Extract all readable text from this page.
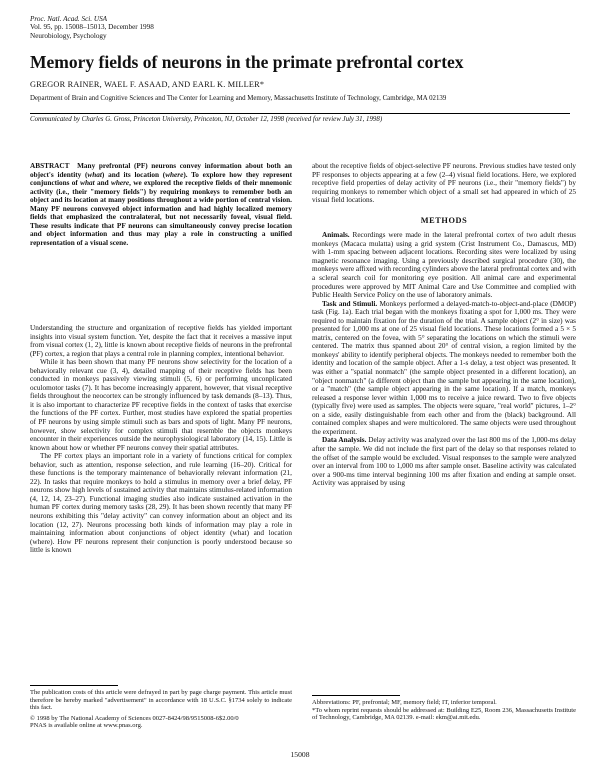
Proc. Natl. Acad. Sci. USA
Vol. 95, pp. 15008–15013, December 1998
Neurobiology, Psychology
Memory fields of neurons in the primate prefrontal cortex
GREGOR RAINER, WAEL F. ASAAD, AND EARL K. MILLER*
Department of Brain and Cognitive Sciences and The Center for Learning and Memory, Massachusetts Institute of Technology, Cambridge, MA 02139
Communicated by Charles G. Gross, Princeton University, Princeton, NJ, October 12, 1998 (received for review July 31, 1998)
ABSTRACT Many prefrontal (PF) neurons convey information about both an object's identity (what) and its location (where). To explore how they represent conjunctions of what and where, we explored the receptive fields of their mnemonic activity (i.e., their "memory fields") by requiring monkeys to remember both an object and its location at many positions throughout a wide portion of central vision. Many PF neurons conveyed object information and had highly localized memory fields that emphasized the contralateral, but not necessarily foveal, visual field. These results indicate that PF neurons can simultaneously convey precise location and object information and thus may play a role in constructing a unified representation of a visual scene.

Understanding the structure and organization of receptive fields has yielded important insights into visual system function. Yet, despite the fact that it receives a massive input from visual cortex (1, 2), little is known about receptive fields of neurons in the prefrontal (PF) cortex, a region that plays a central role in planning complex, intentional behavior.

While it has been shown that many PF neurons show selectivity for the location of a behaviorally relevant cue (3, 4), detailed mapping of their receptive fields has been conducted in monkeys passively viewing stimuli (5, 6) or performing unconplicated oculomotor tasks (7). It has become increasingly apparent, however, that visual receptive fields throughout the neocortex can be strongly influenced by task demands (8–13). Thus, it is also important to characterize PF receptive fields in the context of tasks that exercise the functions of the PF cortex. Further, most studies have explored the spatial properties of PF neurons by using simple stimuli such as bars and spots of light. Many PF neurons, however, show selectivity for complex stimuli that resemble the objects monkeys encounter in their experiences outside the neurophysiological laboratory (14, 15). Little is known about how or whether PF neurons convey their spatial attributes.

The PF cortex plays an important role in a variety of functions critical for complex behavior, such as attention, response selection, and rule learning (16–20). Critical for these functions is the temporary maintenance of behaviorally relevant information (21, 22). In tasks that require monkeys to hold a stimulus in memory over a brief delay, PF neurons show high levels of sustained activity that maintains stimulus-related information (4, 12, 14, 23–27). Functional imaging studies also indicate sustained activation in the human PF cortex during memory tasks (28, 29). It has been shown recently that many PF neurons exhibiting this "delay activity" can convey information about an object and its location (12, 27). Neurons processing both kinds of information may play a role in maintaining information about conjunctions of object identity (what) and location (where). How PF neurons represent their conjunction is poorly understood because so little is known

The publication costs of this article were defrayed in part by page charge payment. This article must therefore be hereby marked "advertisement" in accordance with 18 U.S.C. §1734 solely to indicate this fact.
© 1998 by The National Academy of Sciences 0027-8424/98/9515008-6$2.00/0
PNAS is available online at www.pnas.org.
about the receptive fields of object-selective PF neurons. Previous studies have tested only PF responses to objects appearing at a few (2–4) visual field locations. Here, we explored receptive field properties of delay activity of PF neurons (i.e., their "memory fields") by requiring monkeys to remember which object of a small set had appeared in which of 25 visual field locations.
METHODS

Animals. Recordings were made in the lateral prefrontal cortex of two adult rhesus monkeys (Macaca mulatta) using a grid system (Crist Instrument Co., Damascus, MD) with 1-mm spacing between adjacent locations. Recording sites were localized by using magnetic resonance imaging. Using a previously described surgical procedure (30), the monkeys were affixed with recording cylinders above the lateral prefrontal cortex and with a scleral search coil for monitoring eye position. All animal care and experimental procedures were approved by MIT Animal Care and Use Committee and complied with Public Health Service Policy on the use of laboratory animals.

Task and Stimuli. Monkeys performed a delayed-match-to-object-and-place (DMOP) task (Fig. 1a). Each trial began with the monkeys fixating a spot for 1,000 ms. They were required to maintain fixation for the duration of the trial. A sample object (2° in size) was presented for 1,000 ms at one of 25 visual field locations. These locations formed a 5 × 5 matrix, centered on the fovea, with 5° separating the locations on which the stimuli were centered. The matrix thus spanned about 20° of central vision, a region limited by the monkeys' ability to identify peripheral objects. The monkeys needed to remember both the identity and location of the sample object. After a 1-s delay, a test object was presented. It was either a "spatial nonmatch" (the sample object presented in a different location), an "object nonmatch" (a different object than the sample but appearing in the same location), or a "match" (the sample object appearing in the same location). If a match, monkeys released a response lever within 1,000 ms to receive a juice reward. Two to five objects (typically five) were used as samples. The objects were square, "real world" pictures, 1–2° on a side, easily distinguishable from each other and from the (black) background. All contained complex shapes and were multicolored. The same objects were used throughout the experiment.

Data Analysis. Delay activity was analyzed over the last 800 ms of the 1,000-ms delay after the sample. We did not include the first part of the delay so that responses related to the offset of the sample would be excluded. Visual responses to the sample were analyzed over an interval from 100 to 1,000 ms after sample onset. Baseline activity was calculated over a 900-ms time interval beginning 100 ms after fixation and ending at sample onset. Activity was appraised by using

Abbreviations: PF, prefrontal; MF, memory field; IT, inferior temporal.
*To whom reprint requests should be addressed at: Building E25, Room 236, Massachusetts Institute of Technology, Cambridge, MA 02139. e-mail: ekm@ai.mit.edu.
15008
